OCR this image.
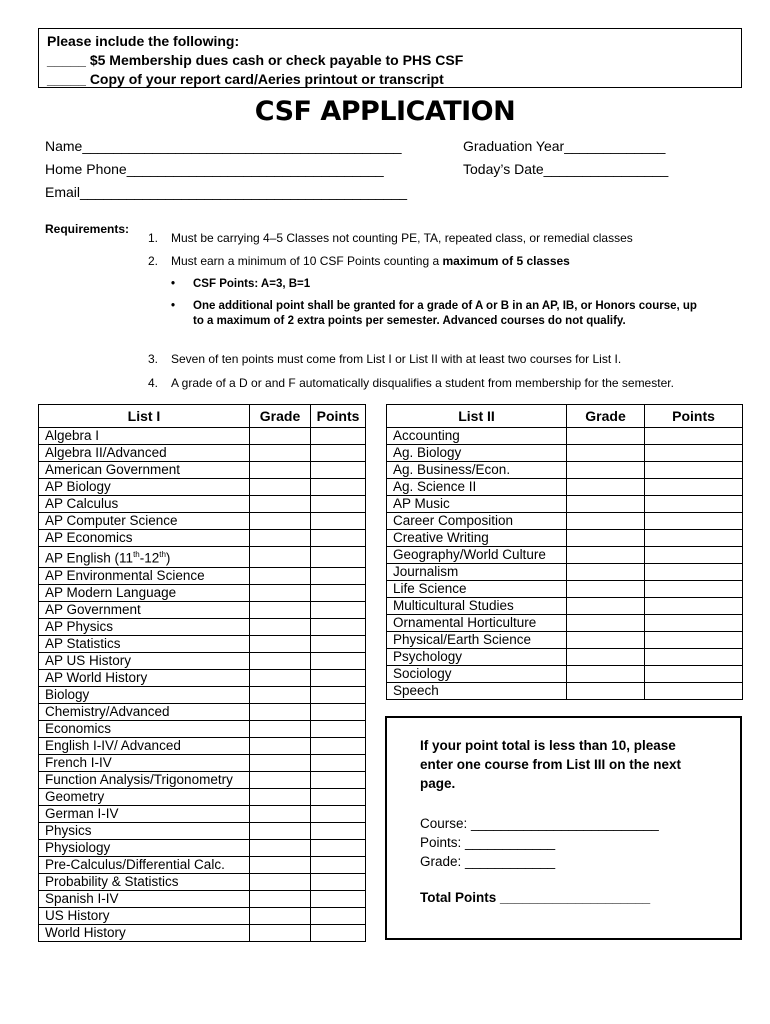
Please include the following:
_____ $5 Membership dues cash or check payable to PHS CSF
_____ Copy of your report card/Aeries printout or transcript
CSF APPLICATION
Name_________________________________________	Graduation Year_____________
Home Phone_________________________________	Today’s Date________________
Email__________________________________________
Requirements:
1. Must be carrying 4–5 Classes not counting PE, TA, repeated class, or remedial classes
2. Must earn a minimum of 10 CSF Points counting a maximum of 5 classes
• CSF Points: A=3, B=1
• One additional point shall be granted for a grade of A or B in an AP, IB, or Honors course, up to a maximum of 2 extra points per semester. Advanced courses do not qualify.
3. Seven of ten points must come from List I or List II with at least two courses for List I.
4. A grade of a D or and F automatically disqualifies a student from membership for the semester.
List I	Grade	Points
Algebra I		
Algebra II/Advanced		
American Government		
AP Biology		
AP Calculus		
AP Computer Science		
AP Economics		
AP English (11th-12th)		
AP Environmental Science		
AP Modern Language		
AP Government		
AP Physics		
AP Statistics		
AP US History		
AP World History		
Biology		
Chemistry/Advanced		
Economics		
English I-IV/ Advanced		
French I-IV		
Function Analysis/Trigonometry		
Geometry		
German I-IV		
Physics		
Physiology		
Pre-Calculus/Differential Calc.		
Probability & Statistics		
Spanish I-IV		
US History		
World History		
List II	Grade	Points
Accounting		
Ag. Biology		
Ag. Business/Econ.		
Ag. Science II		
AP Music		
Career Composition		
Creative Writing		
Geography/World Culture		
Journalism		
Life Science		
Multicultural Studies		
Ornamental Horticulture		
Physical/Earth Science		
Psychology		
Sociology		
Speech		
If your point total is less than 10, please enter one course from List III on the next page.
Course: _________________________
Points: ____________
Grade: ____________
Total Points ____________________
